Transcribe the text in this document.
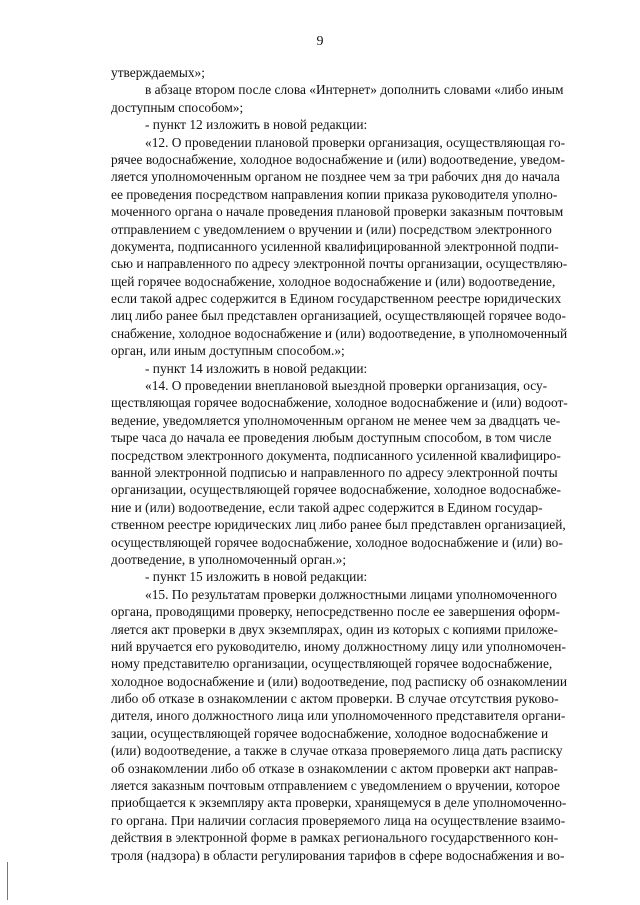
9
утверждаемых»;
в абзаце втором после слова «Интернет» дополнить словами «либо иным
доступным способом»;
- пункт 12 изложить в новой редакции:
«12. О проведении плановой проверки организация, осуществляющая го-
рячее водоснабжение, холодное водоснабжение и (или) водоотведение, уведом-
ляется уполномоченным органом не позднее чем за три рабочих дня до начала
ее проведения посредством направления копии приказа руководителя уполно-
моченного органа о начале проведения плановой проверки заказным почтовым
отправлением с уведомлением о вручении и (или) посредством электронного
документа, подписанного усиленной квалифицированной электронной подпи-
сью и направленного по адресу электронной почты организации, осуществляю-
щей горячее водоснабжение, холодное водоснабжение и (или) водоотведение,
если такой адрес содержится в Едином государственном реестре юридических
лиц либо ранее был представлен организацией, осуществляющей горячее водо-
снабжение, холодное водоснабжение и (или) водоотведение, в уполномоченный
орган, или иным доступным способом.»;
- пункт 14 изложить в новой редакции:
«14. О проведении внеплановой выездной проверки организация, осу-
ществляющая горячее водоснабжение, холодное водоснабжение и (или) водоот-
ведение, уведомляется уполномоченным органом не менее чем за двадцать че-
тыре часа до начала ее проведения любым доступным способом, в том числе
посредством электронного документа, подписанного усиленной квалифициро-
ванной электронной подписью и направленного по адресу электронной почты
организации, осуществляющей горячее водоснабжение, холодное водоснабже-
ние и (или) водоотведение, если такой адрес содержится в Едином государ-
ственном реестре юридических лиц либо ранее был представлен организацией,
осуществляющей горячее водоснабжение, холодное водоснабжение и (или) во-
доотведение, в уполномоченный орган.»;
- пункт 15 изложить в новой редакции:
«15. По результатам проверки должностными лицами уполномоченного
органа, проводящими проверку, непосредственно после ее завершения оформ-
ляется акт проверки в двух экземплярах, один из которых с копиями приложе-
ний вручается его руководителю, иному должностному лицу или уполномочен-
ному представителю организации, осуществляющей горячее водоснабжение,
холодное водоснабжение и (или) водоотведение, под расписку об ознакомлении
либо об отказе в ознакомлении с актом проверки. В случае отсутствия руково-
дителя, иного должностного лица или уполномоченного представителя органи-
зации, осуществляющей горячее водоснабжение, холодное водоснабжение и
(или) водоотведение, а также в случае отказа проверяемого лица дать расписку
об ознакомлении либо об отказе в ознакомлении с актом проверки акт направ-
ляется заказным почтовым отправлением с уведомлением о вручении, которое
приобщается к экземпляру акта проверки, хранящемуся в деле уполномоченно-
го органа. При наличии согласия проверяемого лица на осуществление взаимо-
действия в электронной форме в рамках регионального государственного кон-
троля (надзора) в области регулирования тарифов в сфере водоснабжения и во-
